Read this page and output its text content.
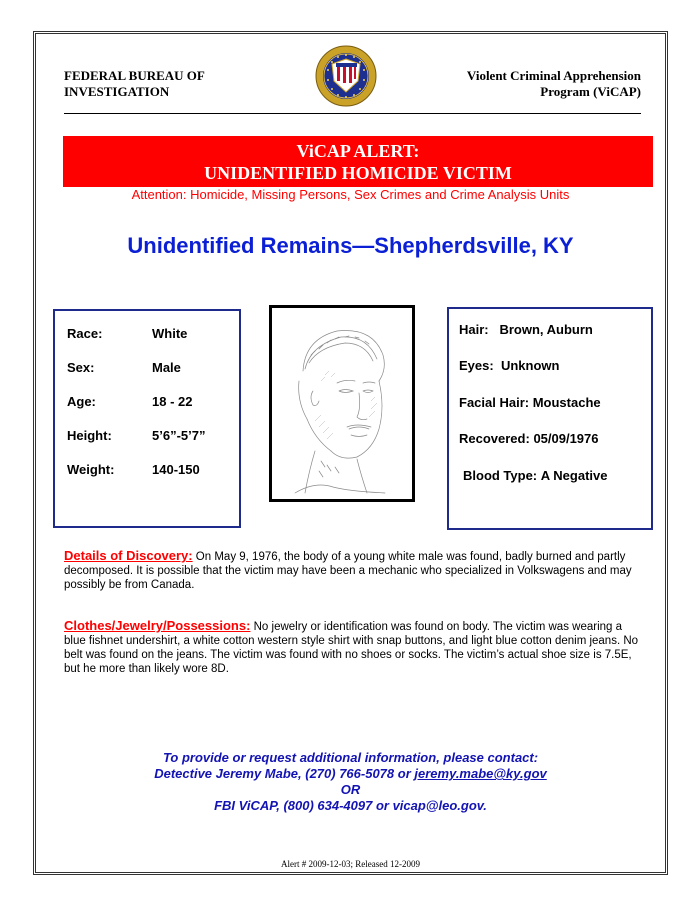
FEDERAL BUREAU OF
INVESTIGATION
Violent Criminal Apprehension
Program (ViCAP)
ViCAP ALERT:
UNIDENTIFIED HOMICIDE VICTIM
Attention: Homicide, Missing Persons, Sex Crimes and Crime Analysis Units
Unidentified Remains—Shepherdsville, KY
Race:	White
Sex:	Male
Age:	18 - 22
Height:	5’6”-5’7”
Weight:	140-150
Hair: Brown, Auburn
Eyes: Unknown
Facial Hair: Moustache
Recovered: 05/09/1976
Blood Type: A Negative
Details of Discovery: On May 9, 1976, the body of a young white male was found, badly burned and partly decomposed. It is possible that the victim may have been a mechanic who specialized in Volkswagens and may possibly be from Canada.
Clothes/Jewelry/Possessions: No jewelry or identification was found on body. The victim was wearing a blue fishnet undershirt, a white cotton western style shirt with snap buttons, and light blue cotton denim jeans. No belt was found on the jeans. The victim was found with no shoes or socks. The victim’s actual shoe size is 7.5E, but he more than likely wore 8D.
To provide or request additional information, please contact:
Detective Jeremy Mabe, (270) 766-5078 or jeremy.mabe@ky.gov
OR
FBI ViCAP, (800) 634-4097 or vicap@leo.gov.
Alert # 2009-12-03; Released 12-2009
